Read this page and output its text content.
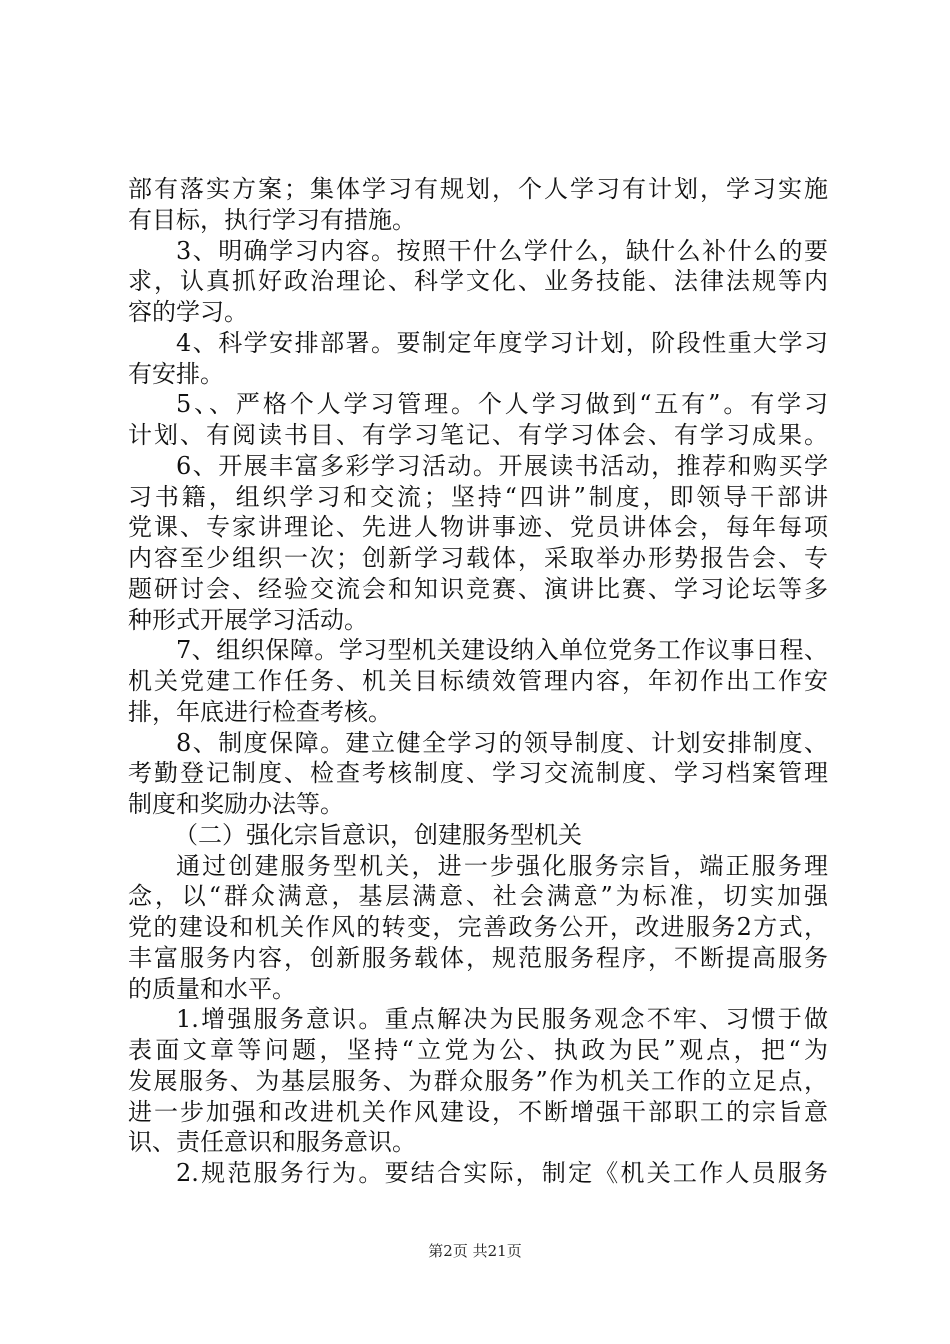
部有落实方案；集体学习有规划，个人学习有计划，学习实施
有目标，执行学习有措施。
3、明确学习内容。按照干什么学什么，缺什么补什么的要
求，认真抓好政治理论、科学文化、业务技能、法律法规等内
容的学习。
4、科学安排部署。要制定年度学习计划，阶段性重大学习
有安排。
5、、严格个人学习管理。个人学习做到“五有”。有学习
计划、有阅读书目、有学习笔记、有学习体会、有学习成果。
6、开展丰富多彩学习活动。开展读书活动，推荐和购买学
习书籍，组织学习和交流；坚持“四讲”制度，即领导干部讲
党课、专家讲理论、先进人物讲事迹、党员讲体会，每年每项
内容至少组织一次；创新学习载体，采取举办形势报告会、专
题研讨会、经验交流会和知识竞赛、演讲比赛、学习论坛等多
种形式开展学习活动。
7、组织保障。学习型机关建设纳入单位党务工作议事日程、
机关党建工作任务、机关目标绩效管理内容，年初作出工作安
排，年底进行检查考核。
8、制度保障。建立健全学习的领导制度、计划安排制度、
考勤登记制度、检查考核制度、学习交流制度、学习档案管理
制度和奖励办法等。
（二）强化宗旨意识，创建服务型机关
通过创建服务型机关，进一步强化服务宗旨，端正服务理
念，以“群众满意，基层满意、社会满意”为标准，切实加强
党的建设和机关作风的转变，完善政务公开，改进服务2方式，
丰富服务内容，创新服务载体，规范服务程序，不断提高服务
的质量和水平。
1.增强服务意识。重点解决为民服务观念不牢、习惯于做
表面文章等问题，坚持“立党为公、执政为民”观点，把“为
发展服务、为基层服务、为群众服务”作为机关工作的立足点，
进一步加强和改进机关作风建设，不断增强干部职工的宗旨意
识、责任意识和服务意识。
2.规范服务行为。要结合实际，制定《机关工作人员服务
第2页 共21页
